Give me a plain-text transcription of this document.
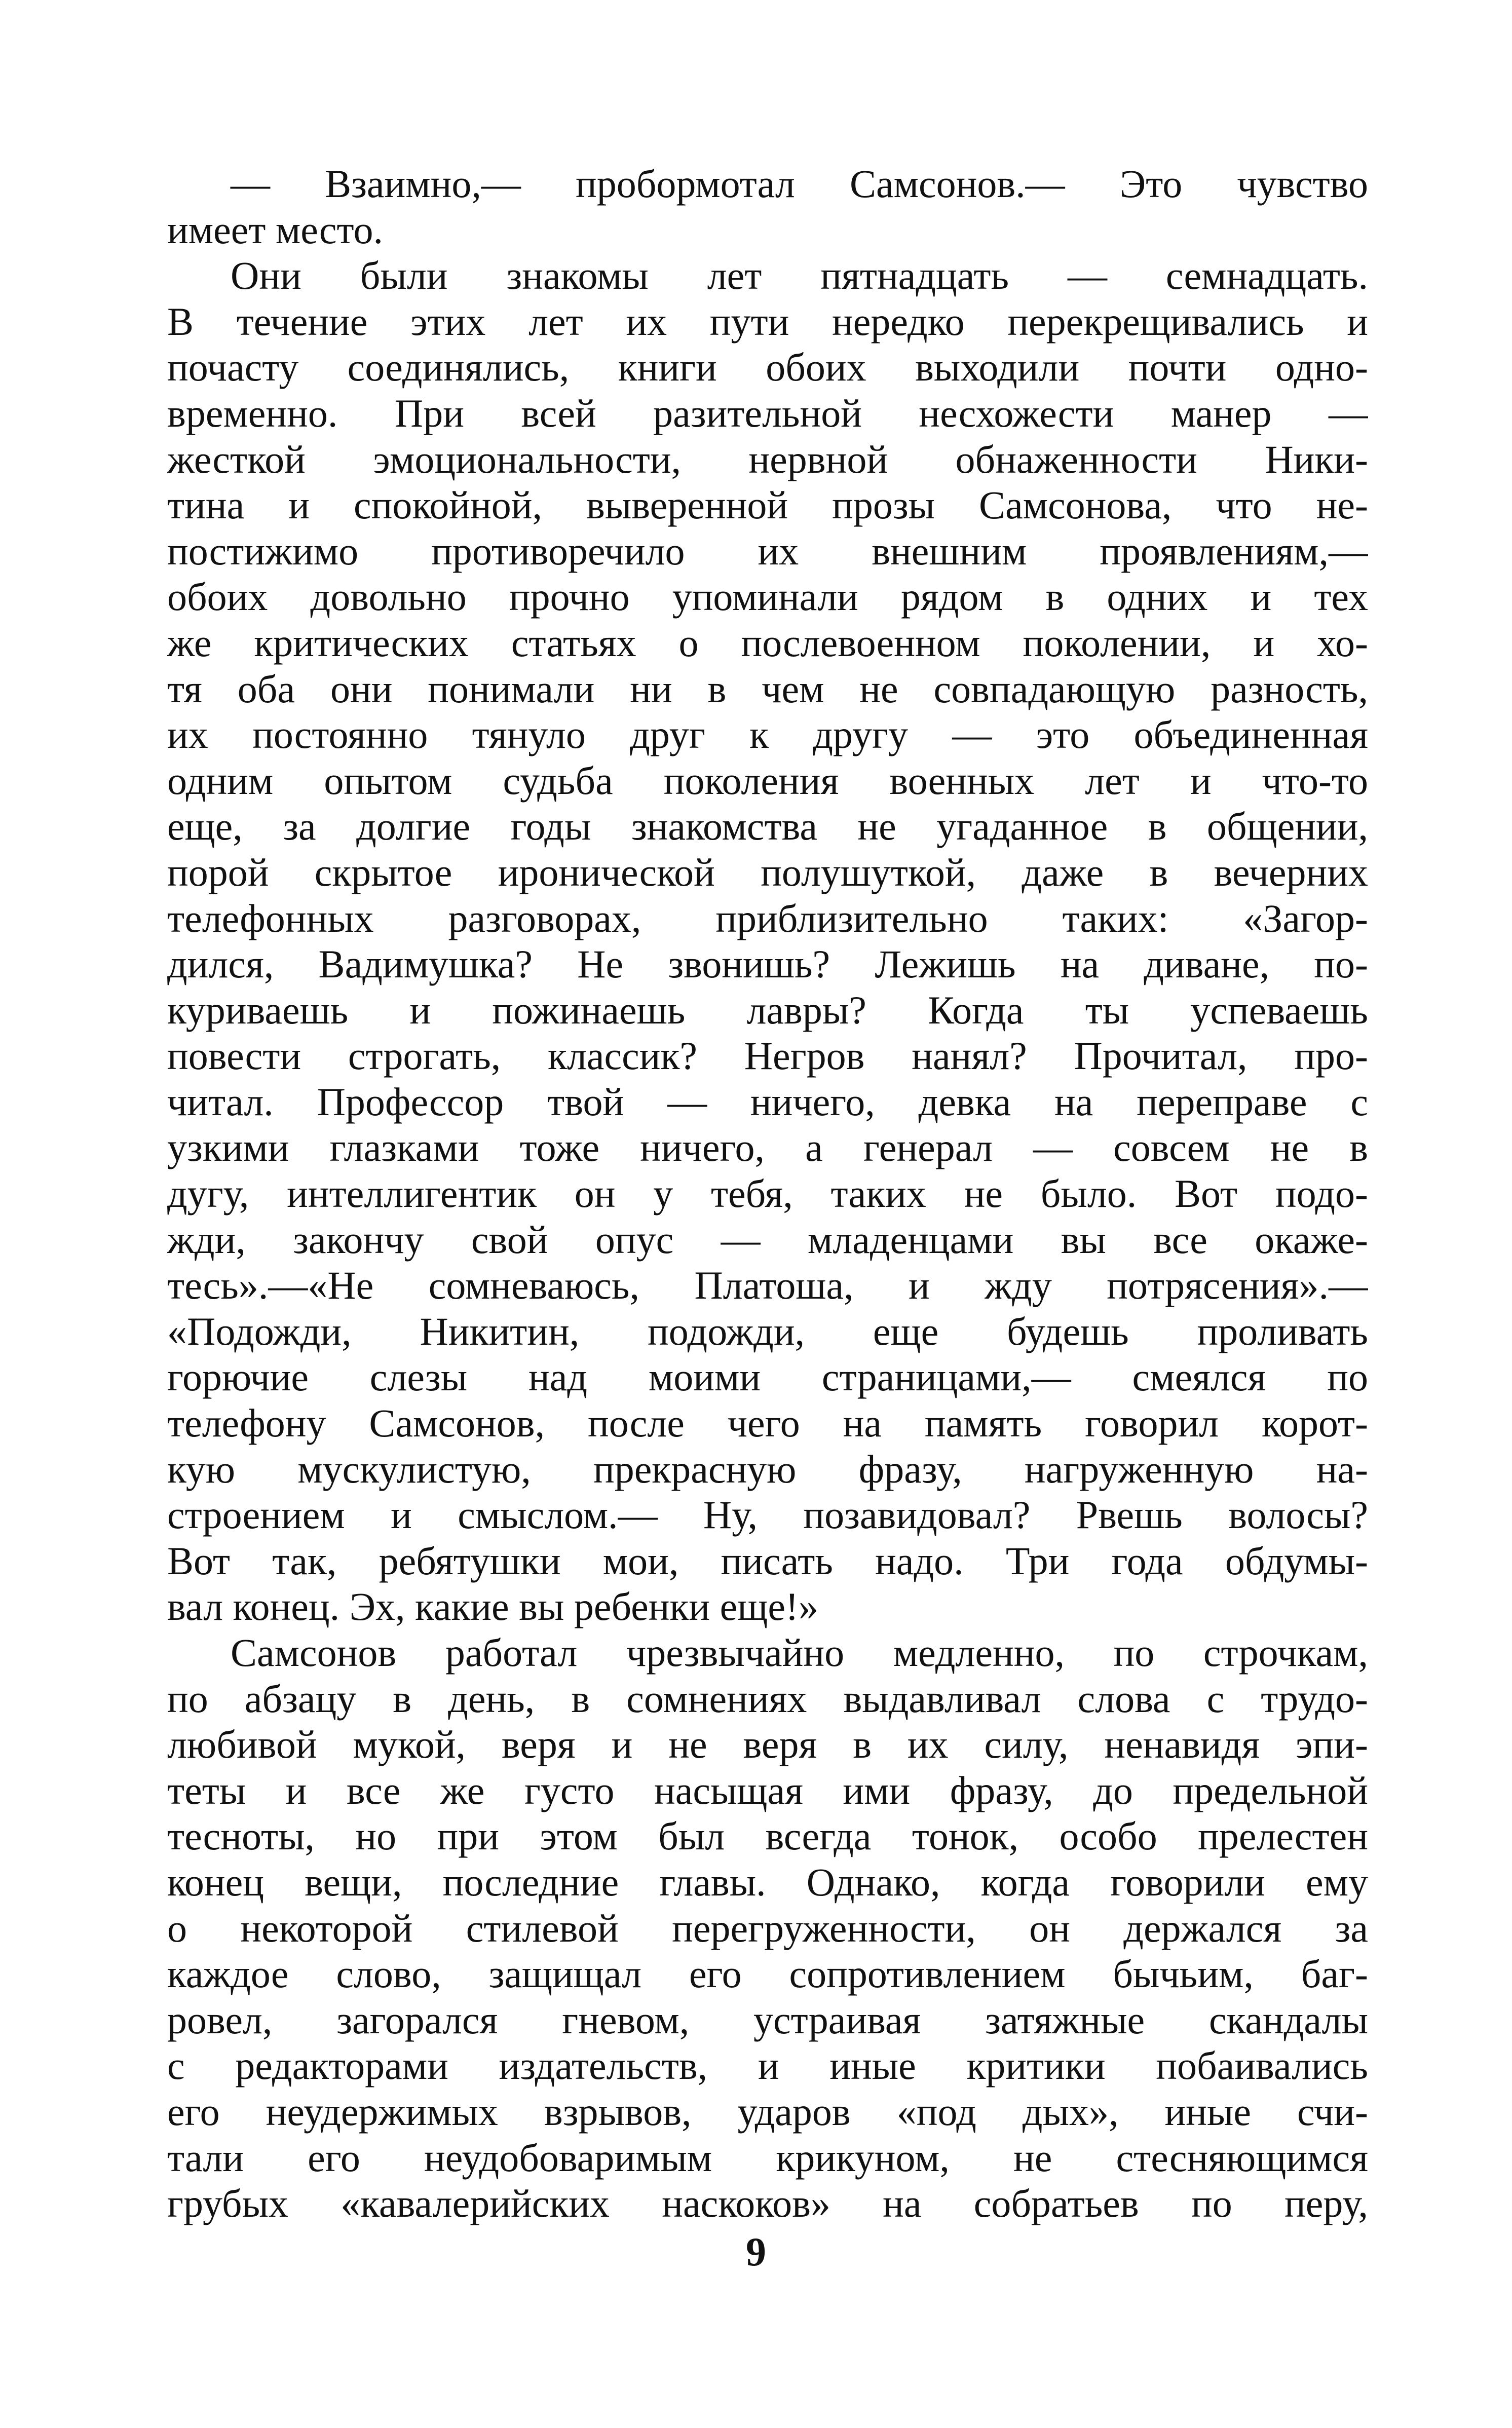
— Взаимно,— пробормотал Самсонов.— Это чувство
имеет место.
Они были знакомы лет пятнадцать — семнадцать.
В течение этих лет их пути нередко перекрещивались и
почасту соединялись, книги обоих выходили почти одно-
временно. При всей разительной несхожести манер —
жесткой эмоциональности, нервной обнаженности Ники-
тина и спокойной, выверенной прозы Самсонова, что не-
постижимо противоречило их внешним проявлениям,—
обоих довольно прочно упоминали рядом в одних и тех
же критических статьях о послевоенном поколении, и хо-
тя оба они понимали ни в чем не совпадающую разность,
их постоянно тянуло друг к другу — это объединенная
одним опытом судьба поколения военных лет и что-то
еще, за долгие годы знакомства не угаданное в общении,
порой скрытое иронической полушуткой, даже в вечерних
телефонных разговорах, приблизительно таких: «Загор-
дился, Вадимушка? Не звонишь? Лежишь на диване, по-
куриваешь и пожинаешь лавры? Когда ты успеваешь
повести строгать, классик? Негров нанял? Прочитал, про-
читал. Профессор твой — ничего, девка на переправе с
узкими глазками тоже ничего, а генерал — совсем не в
дугу, интеллигентик он у тебя, таких не было. Вот подо-
жди, закончу свой опус — младенцами вы все окаже-
тесь».—«Не сомневаюсь, Платоша, и жду потрясения».—
«Подожди, Никитин, подожди, еще будешь проливать
горючие слезы над моими страницами,— смеялся по
телефону Самсонов, после чего на память говорил корот-
кую мускулистую, прекрасную фразу, нагруженную на-
строением и смыслом.— Ну, позавидовал? Рвешь волосы?
Вот так, ребятушки мои, писать надо. Три года обдумы-
вал конец. Эх, какие вы ребенки еще!»
Самсонов работал чрезвычайно медленно, по строчкам,
по абзацу в день, в сомнениях выдавливал слова с трудо-
любивой мукой, веря и не веря в их силу, ненавидя эпи-
теты и все же густо насыщая ими фразу, до предельной
тесноты, но при этом был всегда тонок, особо прелестен
конец вещи, последние главы. Однако, когда говорили ему
о некоторой стилевой перегруженности, он держался за
каждое слово, защищал его сопротивлением бычьим, баг-
ровел, загорался гневом, устраивая затяжные скандалы
с редакторами издательств, и иные критики побаивались
его неудержимых взрывов, ударов «под дых», иные счи-
тали его неудобоваримым крикуном, не стесняющимся
грубых «кавалерийских наскоков» на собратьев по перу,
9
